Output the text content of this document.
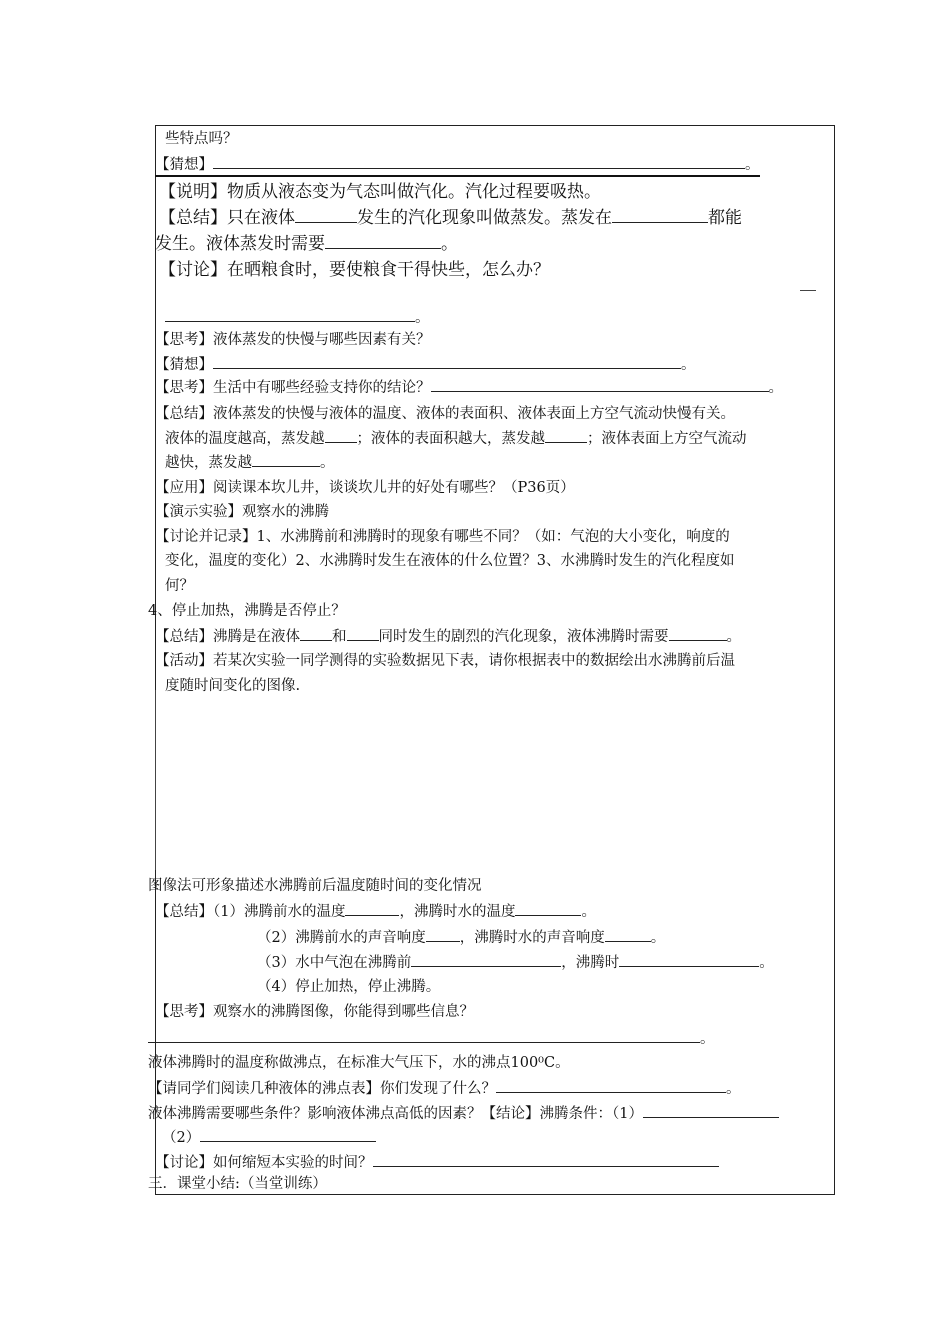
些特点吗？
【猜想】	。
【说明】物质从液态变为气态叫做汽化。汽化过程要吸热。
【总结】只在液体	发生的汽化现象叫做蒸发。蒸发在	都能
发生。液体蒸发时需要	。
【讨论】在晒粮食时，要使粮食干得快些，怎么办？
。
【思考】液体蒸发的快慢与哪些因素有关？
【猜想】	。
【思考】生活中有哪些经验支持你的结论？	。
【总结】液体蒸发的快慢与液体的温度、液体的表面积、液体表面上方空气流动快慢有关。
液体的温度越高，蒸发越 ；液体的表面积越大，蒸发越	；液体表面上方空气流动
越快，蒸发越	。
【应用】阅读课本坎儿井，谈谈坎儿井的好处有哪些？（P36页）
【演示实验】观察水的沸腾
【讨论并记录】1、水沸腾前和沸腾时的现象有哪些不同？（如：气泡的大小变化，响度的
变化，温度的变化）2、水沸腾时发生在液体的什么位置？3、水沸腾时发生的汽化程度如
何？
4、停止加热，沸腾是否停止？
【总结】沸腾是在液体 和 同时发生的剧烈的汽化现象，液体沸腾时需要	。
【活动】若某次实验一同学测得的实验数据见下表，请你根据表中的数据绘出水沸腾前后温
度随时间变化的图像.
图像法可形象描述水沸腾前后温度随时间的变化情况
【总结】（1）沸腾前水的温度	，沸腾时水的温度	。
（2）沸腾前水的声音响度 ，沸腾时水的声音响度	。
（3）水中气泡在沸腾前	，沸腾时	。
（4）停止加热，停止沸腾。
【思考】观察水的沸腾图像，你能得到哪些信息？
。
液体沸腾时的温度称做沸点，在标准大气压下，水的沸点100⁰C。
【请同学们阅读几种液体的沸点表】你们发现了什么？	。
液体沸腾需要哪些条件？影响液体沸点高低的因素？【结论】沸腾条件：（1）
（2）
【讨论】如何缩短本实验的时间？
三．课堂小结:（当堂训练）
